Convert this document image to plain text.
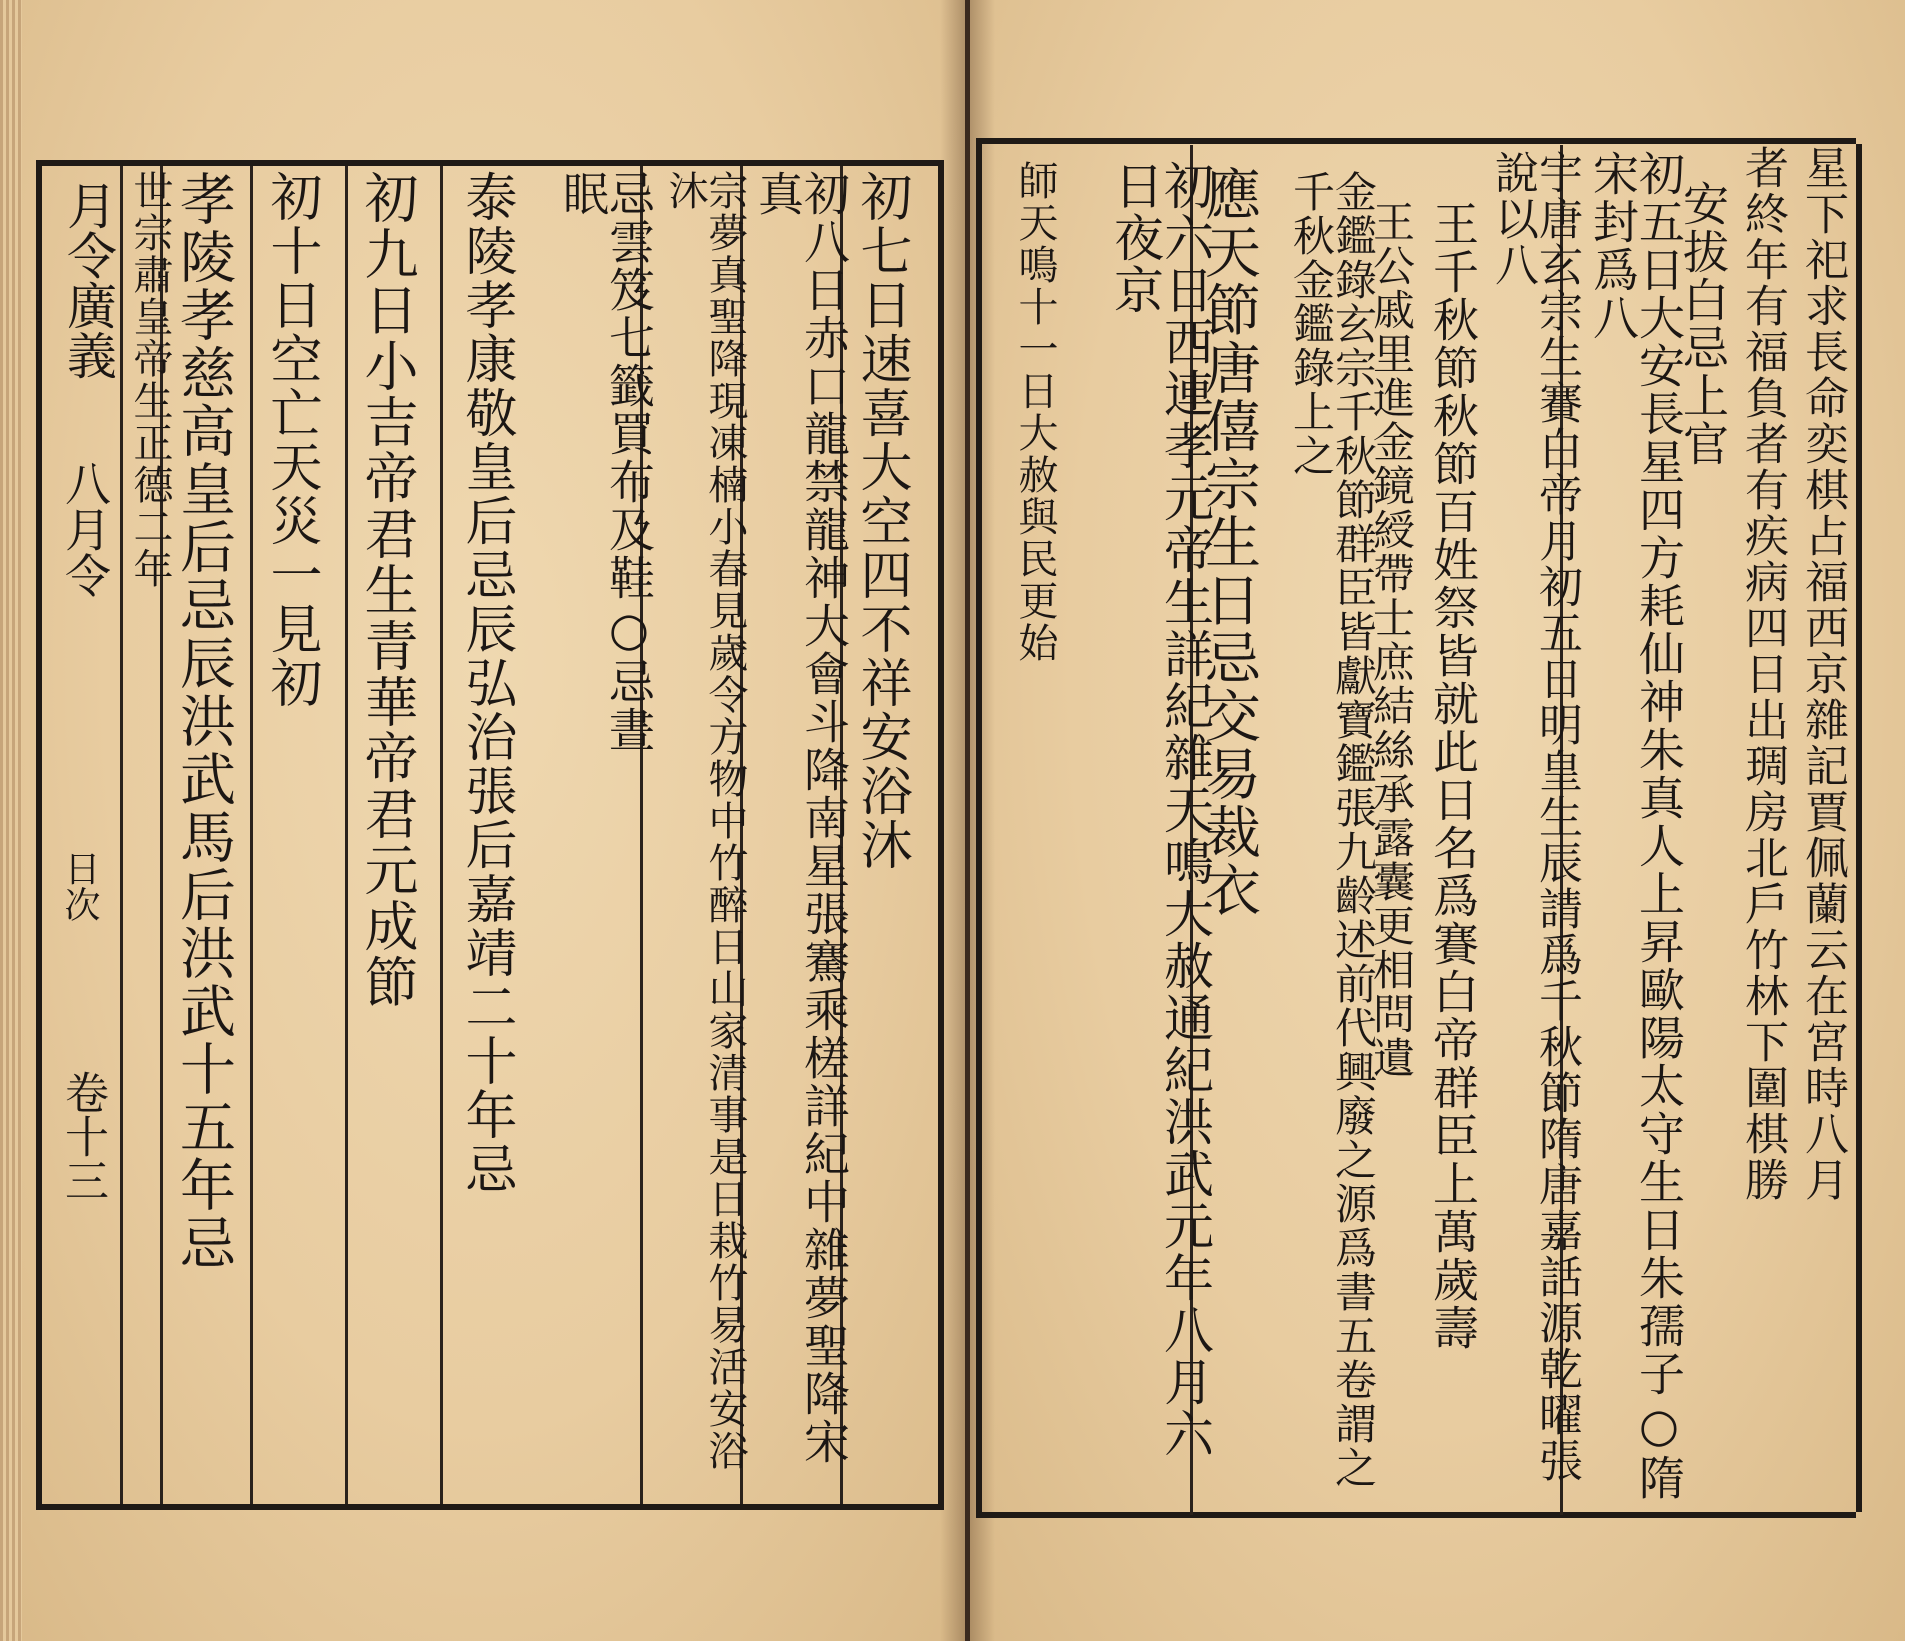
月令廣義
八月令
日次
卷十三
初七日速喜大空四不祥安浴沐
初八日赤口龍禁龍神大會斗降南星張騫乘槎詳紀中雜夢聖降宋真
宗夢真聖降現凍楠小春見歲令方物中竹醉日山家清事是日栽竹易活安浴沐
忌雲笈七籤買布及鞋○忌晝眠
泰陵孝康敬皇后忌辰弘治張后嘉靖二十年忌
初九日小吉帝君生青華帝君元成節
初十日空亡天災一見初
孝陵孝慈高皇后忌辰洪武馬后洪武十五年忌
世宗肅皇帝生正德二年	星下祀求長命奕棋占福西京雜記賈佩蘭云在宮時八月
者終年有福負者有疾病四日出琱房北戶竹林下圍棋勝
安拔白忌上官
初五日大安長星四方耗仙神朱真人上昇歐陽太守生日朱孺子○隋宋封爲八
宇唐玄宗生賽白帝月初五日明皇生辰請爲千秋節隋唐嘉話源乾曜張說以八
王千秋節秋節百姓祭皆就此日名爲賽白帝群臣上萬歲壽
王公戚里進金鏡綬帶士庶結絲承露囊更相問遺
金鑑錄玄宗千秋節群臣皆獻寶鑑張九齡述前代興廢之源爲書五卷謂之千秋金鑑錄上之
應天節唐僖宗生日忌交易裁衣
初六日西連孝元帝生詳紀雜天鳴大赦通紀洪武元年八月六日夜京
師天鳴十一日大赦與民更始
